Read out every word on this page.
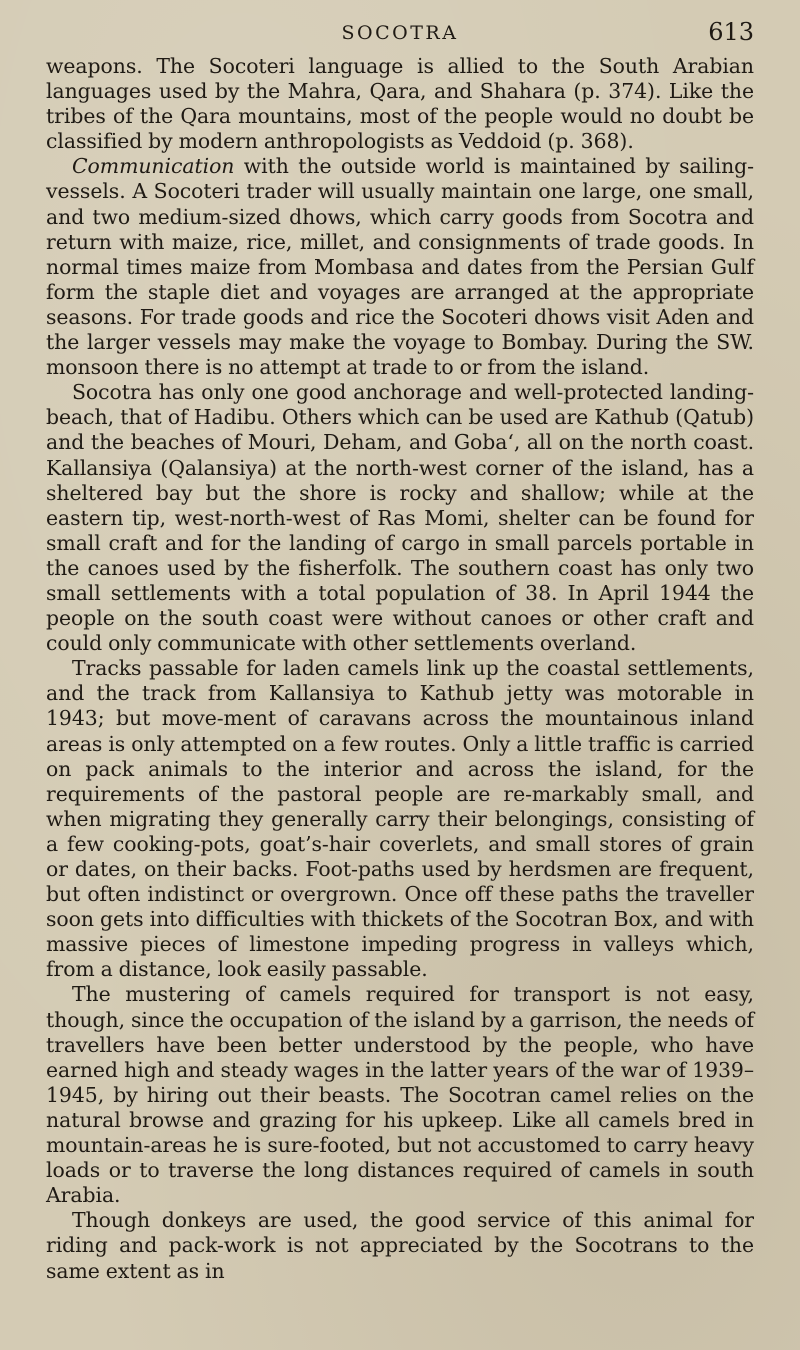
SOCOTRA	613

weapons. The Socoteri language is allied to the South Arabian languages used by the Mahra, Qara, and Shahara (p. 374). Like the tribes of the Qara mountains, most of the people would no doubt be classified by modern anthropologists as Veddoid (p. 368).

Communication with the outside world is maintained by sailing-vessels. A Socoteri trader will usually maintain one large, one small, and two medium-sized dhows, which carry goods from Socotra and return with maize, rice, millet, and consignments of trade goods. In normal times maize from Mombasa and dates from the Persian Gulf form the staple diet and voyages are arranged at the appropriate seasons. For trade goods and rice the Socoteri dhows visit Aden and the larger vessels may make the voyage to Bombay. During the SW. monsoon there is no attempt at trade to or from the island.

Socotra has only one good anchorage and well-protected landing-beach, that of Hadibu. Others which can be used are Kathub (Qatub) and the beaches of Mouri, Deham, and Goba‘, all on the north coast. Kallansiya (Qalansiya) at the north-west corner of the island, has a sheltered bay but the shore is rocky and shallow; while at the eastern tip, west-north-west of Ras Momi, shelter can be found for small craft and for the landing of cargo in small parcels portable in the canoes used by the fisherfolk. The southern coast has only two small settlements with a total population of 38. In April 1944 the people on the south coast were without canoes or other craft and could only communicate with other settlements overland.

Tracks passable for laden camels link up the coastal settlements, and the track from Kallansiya to Kathub jetty was motorable in 1943; but move-ment of caravans across the mountainous inland areas is only attempted on a few routes. Only a little traffic is carried on pack animals to the interior and across the island, for the requirements of the pastoral people are re-markably small, and when migrating they generally carry their belongings, consisting of a few cooking-pots, goat’s-hair coverlets, and small stores of grain or dates, on their backs. Foot-paths used by herdsmen are frequent, but often indistinct or overgrown. Once off these paths the traveller soon gets into difficulties with thickets of the Socotran Box, and with massive pieces of limestone impeding progress in valleys which, from a distance, look easily passable.

The mustering of camels required for transport is not easy, though, since the occupation of the island by a garrison, the needs of travellers have been better understood by the people, who have earned high and steady wages in the latter years of the war of 1939–1945, by hiring out their beasts. The Socotran camel relies on the natural browse and grazing for his upkeep. Like all camels bred in mountain-areas he is sure-footed, but not accustomed to carry heavy loads or to traverse the long distances required of camels in south Arabia.

Though donkeys are used, the good service of this animal for riding and pack-work is not appreciated by the Socotrans to the same extent as in
